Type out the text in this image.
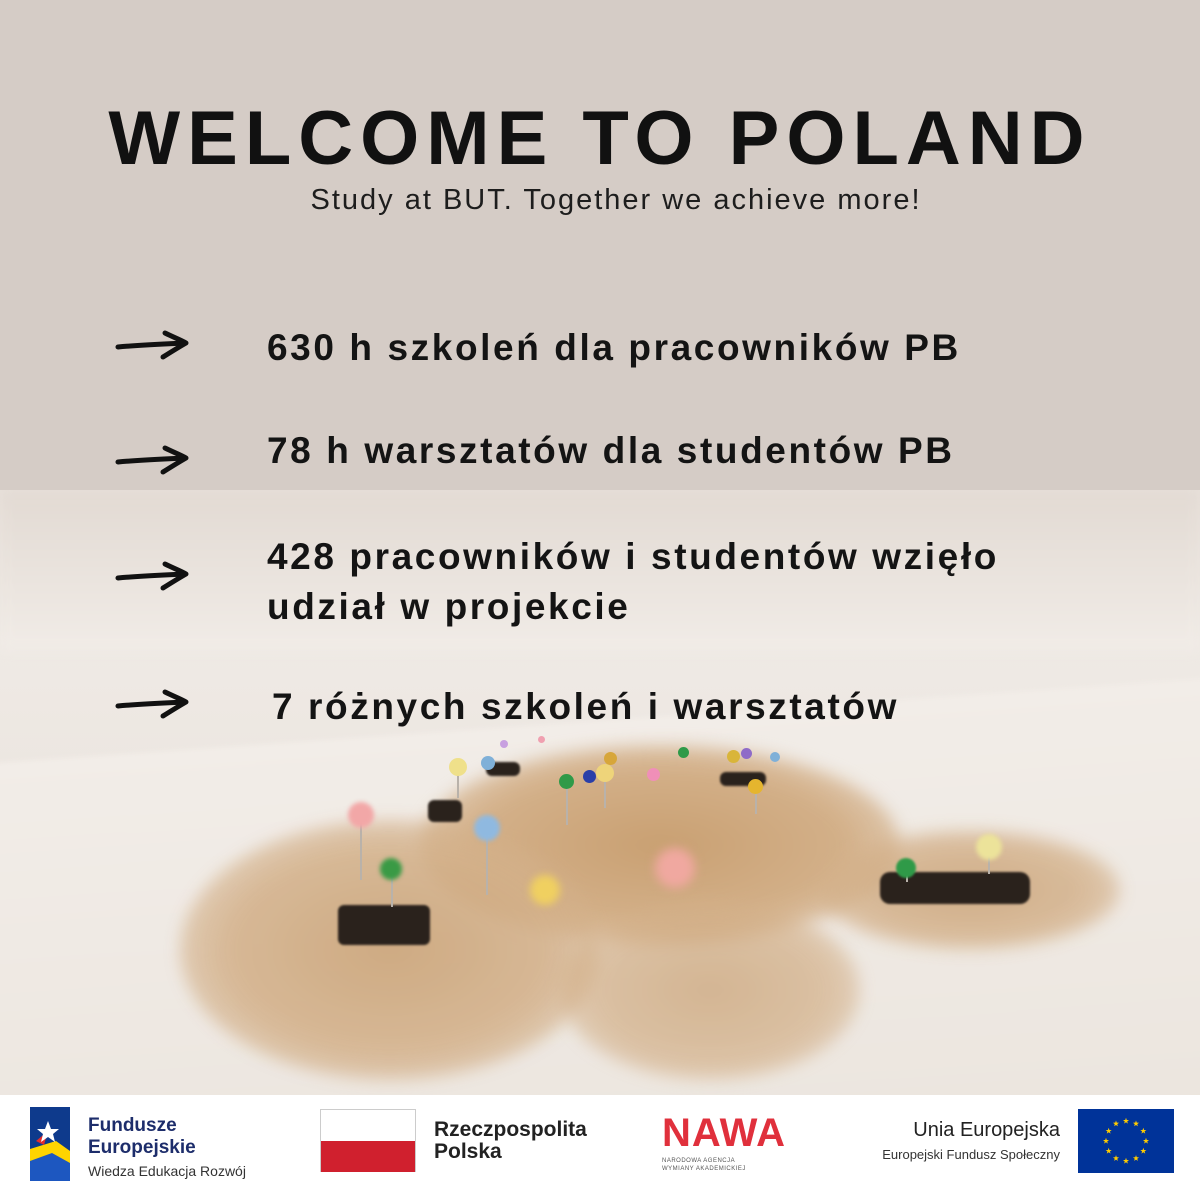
WELCOME TO POLAND
Study at BUT. Together we achieve more!
630 h szkoleń dla pracowników PB
78 h warsztatów dla studentów PB
428 pracowników i studentów wzięło
udział w projekcie
7 różnych szkoleń i warsztatów
Fundusze
Europejskie
Wiedza Edukacja Rozwój
Rzeczpospolita
Polska	NAWA
NARODOWA AGENCJA WYMIANY AKADEMICKIEJ
Unia Europejska
Europejski Fundusz Społeczny
